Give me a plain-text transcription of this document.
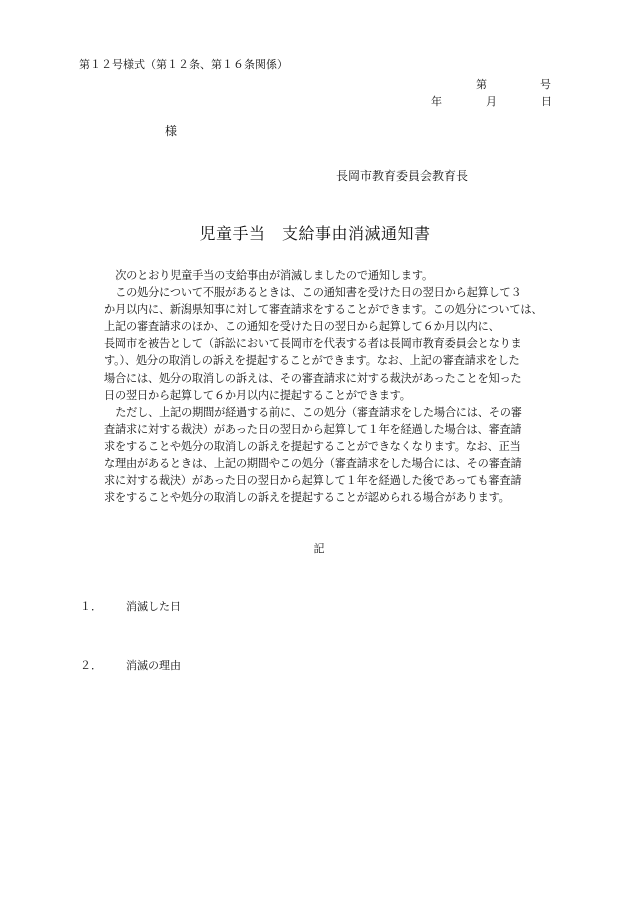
第１２号様式（第１２条、第１６条関係）
第	号
年	月	日
様
長岡市教育委員会教育長
児童手当　支給事由消滅通知書

次のとおり児童手当の支給事由が消滅しましたので通知します。

この処分について不服があるときは、この通知書を受けた日の翌日から起算して３
か月以内に、新潟県知事に対して審査請求をすることができます。この処分については、上記の審査請求のほか、この通知を受けた日の翌日から起算して６か月以内に、
長岡市を被告として（訴訟において長岡市を代表する者は長岡市教育委員会となりま
す。）、処分の取消しの訴えを提起することができます。なお、上記の審査請求をした
場合には、処分の取消しの訴えは、その審査請求に対する裁決があったことを知った
日の翌日から起算して６か月以内に提起することができます。

ただし、上記の期間が経過する前に、この処分（審査請求をした場合には、その審
査請求に対する裁決）があった日の翌日から起算して１年を経過した場合は、審査請
求をすることや処分の取消しの訴えを提起することができなくなります。なお、正当
な理由があるときは、上記の期間やこの処分（審査請求をした場合には、その審査請
求に対する裁決）があった日の翌日から起算して１年を経過した後であっても審査請
求をすることや処分の取消しの訴えを提起することが認められる場合があります。

記
１． 消滅した日
２． 消滅の理由
